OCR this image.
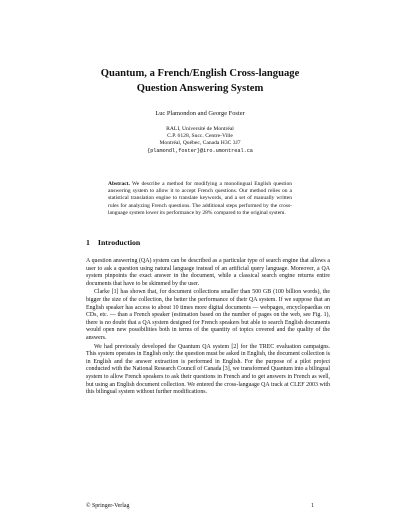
Quantum, a French/English Cross-language
Question Answering System
Luc Plamondon and George Foster
RALI, Université de Montréal
C.P. 6128, Succ. Centre-Ville
Montréal, Québec, Canada H3C 3J7
{plamondl,foster}@iro.umontreal.ca
Abstract. We describe a method for modifying a monolingual English question answering system to allow it to accept French questions. Our method relies on a statistical translation engine to translate keywords, and a set of manually written rules for analyzing French questions. The additional steps performed by the cross-language system lower its performance by 28% compared to the original system.
1 Introduction

A question answering (QA) system can be described as a particular type of search engine that allows a user to ask a question using natural language instead of an artificial query language. Moreover, a QA system pinpoints the exact answer in the document, while a classical search engine returns entire documents that have to be skimmed by the user.

Clarke [1] has shown that, for document collections smaller than 500 GB (100 billion words), the bigger the size of the collection, the better the performance of their QA system. If we suppose that an English speaker has access to about 10 times more digital documents — webpages, encyclopaedias on CDs, etc. — than a French speaker (estimation based on the number of pages on the web, see Fig. 1), there is no doubt that a QA system designed for French speakers but able to search English documents would open new possibilities both in terms of the quantity of topics covered and the quality of the answers.

We had previously developed the Quantum QA system [2] for the TREC evaluation campaigns. This system operates in English only: the question must be asked in English, the document collection is in English and the answer extraction is performed in English. For the purpose of a pilot project conducted with the National Research Council of Canada [3], we transformed Quantum into a bilingual system to allow French speakers to ask their questions in French and to get answers in French as well, but using an English document collection. We entered the cross-language QA track at CLEF 2003 with this bilingual system without further modifications.

© Springer-Verlag	1
